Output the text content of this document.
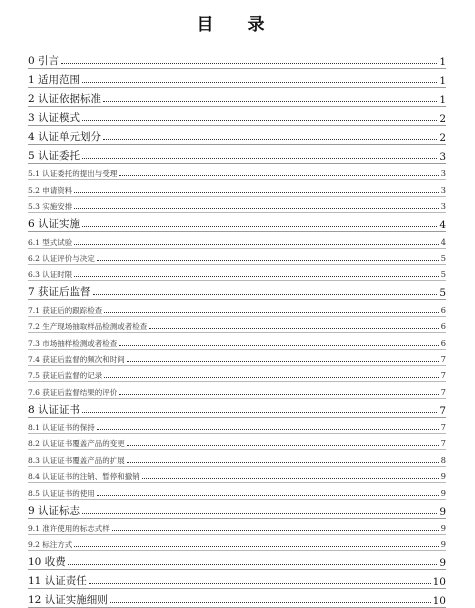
目 录
0 引言	1
1 适用范围	1
2 认证依据标准	1
3 认证模式	2
4 认证单元划分	2
5 认证委托	3
5.1 认证委托的提出与受理	3
5.2 申请资料	3
5.3 实施安排	3
6 认证实施	4
6.1 型式试验	4
6.2 认证评价与决定	5
6.3 认证时限	5
7 获证后监督	5
7.1 获证后的跟踪检查	6
7.2 生产现场抽取样品检测或者检查	6
7.3 市场抽样检测或者检查	6
7.4 获证后监督的频次和时间	7
7.5 获证后监督的记录	7
7.6 获证后监督结果的评价	7
8 认证证书	7
8.1 认证证书的保持	7
8.2 认证证书覆盖产品的变更	7
8.3 认证证书覆盖产品的扩展	8
8.4 认证证书的注销、暂停和撤销	9
8.5 认证证书的使用	9
9 认证标志	9
9.1 准许使用的标志式样	9
9.2 标注方式	9
10 收费	9
11 认证责任	10
12 认证实施细则	10
